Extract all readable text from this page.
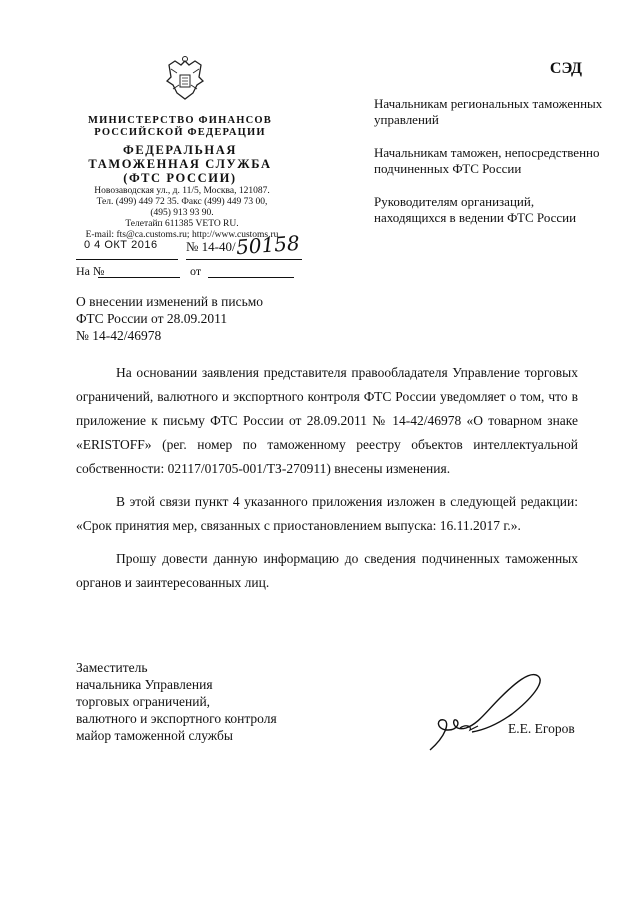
СЭД
МИНИСТЕРСТВО ФИНАНСОВ
РОССИЙСКОЙ ФЕДЕРАЦИИ
ФЕДЕРАЛЬНАЯ
ТАМОЖЕННАЯ СЛУЖБА
(ФТС РОССИИ)
Новозаводская ул., д. 11/5, Москва, 121087.
Тел. (499) 449 72 35. Факс (499) 449 73 00,
(495) 913 93 90.
Телетайп 611385 VETO RU.
E-mail: fts@ca.customs.ru; http://www.customs.ru
0 4 ОКТ 2016 № 14-40/ 50158
На №	от
Начальникам региональных таможенных управлений
Начальникам таможен, непосредственно подчиненных ФТС России
Руководителям организаций, находящихся в ведении ФТС России
О внесении изменений в письмо
ФТС России от 28.09.2011
№ 14-42/46978

На основании заявления представителя правообладателя Управление торговых ограничений, валютного и экспортного контроля ФТС России уведомляет о том, что в приложение к письму ФТС России от 28.09.2011 № 14-42/46978 «О товарном знаке «ERISTOFF» (рег. номер по таможенному реестру объектов интеллектуальной собственности: 02117/01705-001/ТЗ-270911) внесены изменения.

В этой связи пункт 4 указанного приложения изложен в следующей редакции: «Срок принятия мер, связанных с приостановлением выпуска: 16.11.2017 г.».

Прошу довести данную информацию до сведения подчиненных таможенных органов и заинтересованных лиц.

Заместитель
начальника Управления
торговых ограничений,
валютного и экспортного контроля
майор таможенной службы	Е.Е. Егоров
